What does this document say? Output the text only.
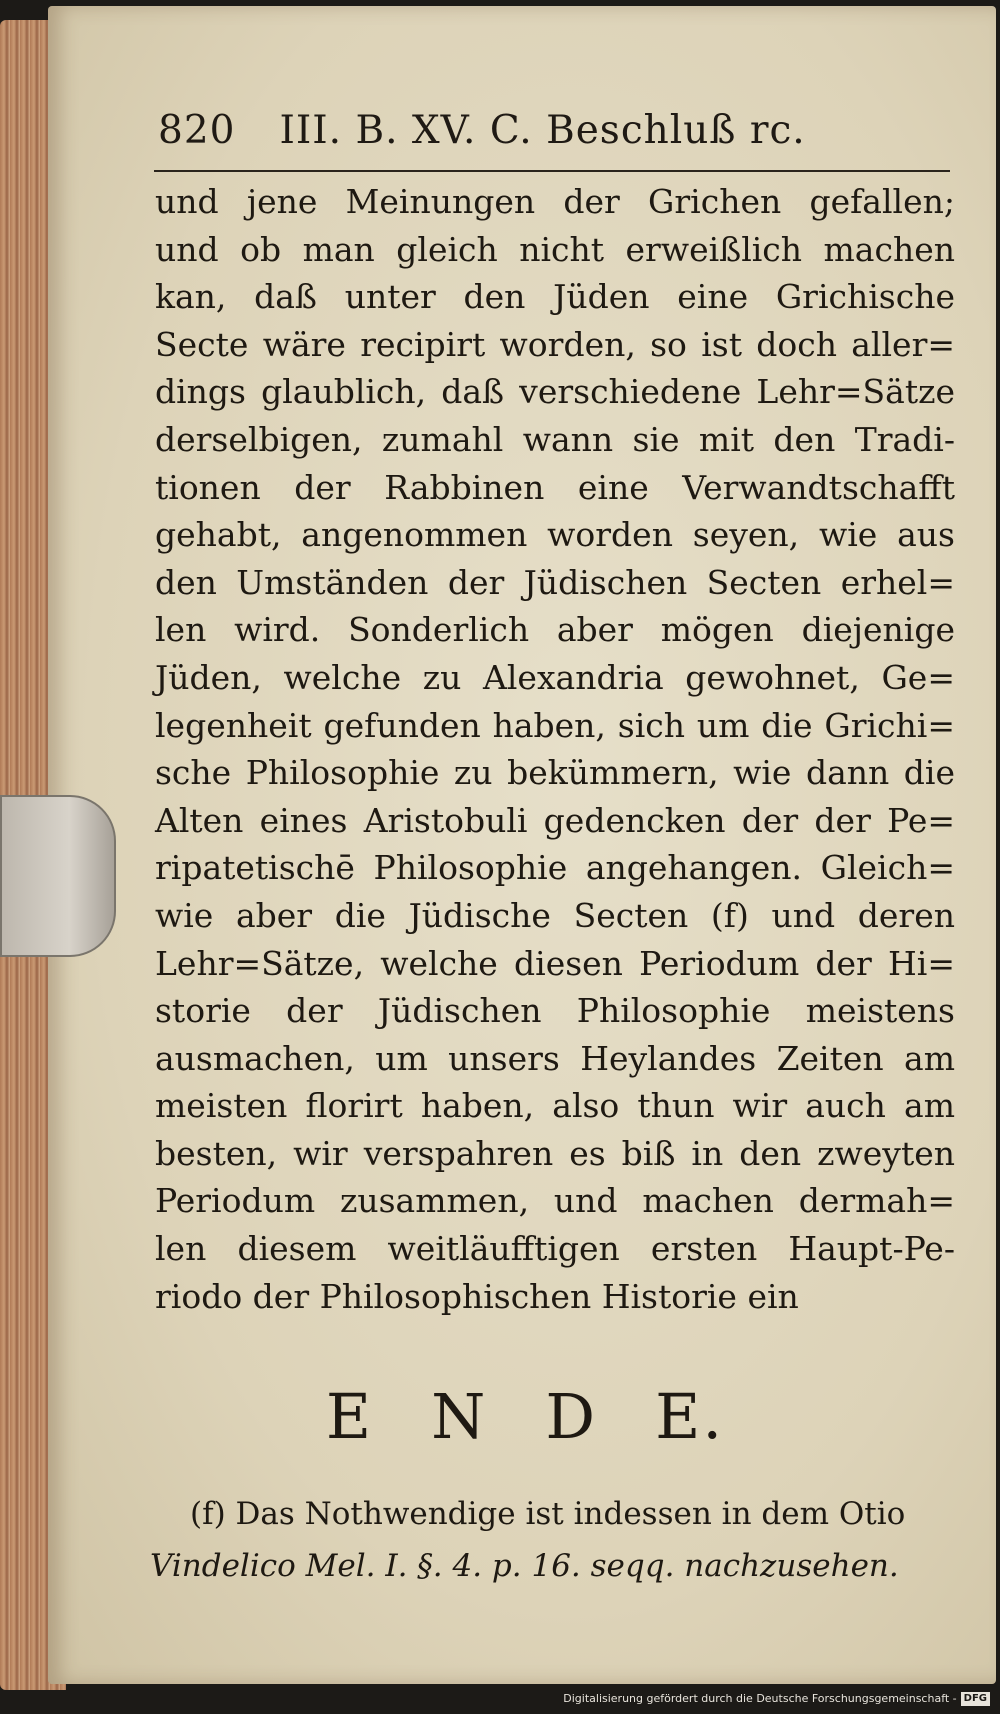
820 III. B. XV. C. Beschluß rc.
und jene Meinungen der Grichen gefallen;
und ob man gleich nicht erweißlich machen
kan, daß unter den Jüden eine Grichische
Secte wäre recipirt worden, so ist doch aller=
dings glaublich, daß verschiedene Lehr=Sätze
derselbigen, zumahl wann sie mit den Tradi-
tionen der Rabbinen eine Verwandtschafft
gehabt, angenommen worden seyen, wie aus
den Umständen der Jüdischen Secten erhel=
len wird. Sonderlich aber mögen diejenige
Jüden, welche zu Alexandria gewohnet, Ge=
legenheit gefunden haben, sich um die Grichi=
sche Philosophie zu bekümmern, wie dann die
Alten eines Aristobuli gedencken der der Pe=
ripatetischē Philosophie angehangen. Gleich=
wie aber die Jüdische Secten (f) und deren
Lehr=Sätze, welche diesen Periodum der Hi=
storie der Jüdischen Philosophie meistens
ausmachen, um unsers Heylandes Zeiten am
meisten florirt haben, also thun wir auch am
besten, wir verspahren es biß in den zweyten
Periodum zusammen, und machen dermah=
len diesem weitläufftigen ersten Haupt-Pe-
riodo der Philosophischen Historie ein
E N D E.
(f) Das Nothwendige ist indessen in dem Otio
Vindelico Mel. I. §. 4. p. 16. seqq. nachzusehen.
Digitalisierung gefördert durch die Deutsche Forschungsgemeinschaft - DFG
